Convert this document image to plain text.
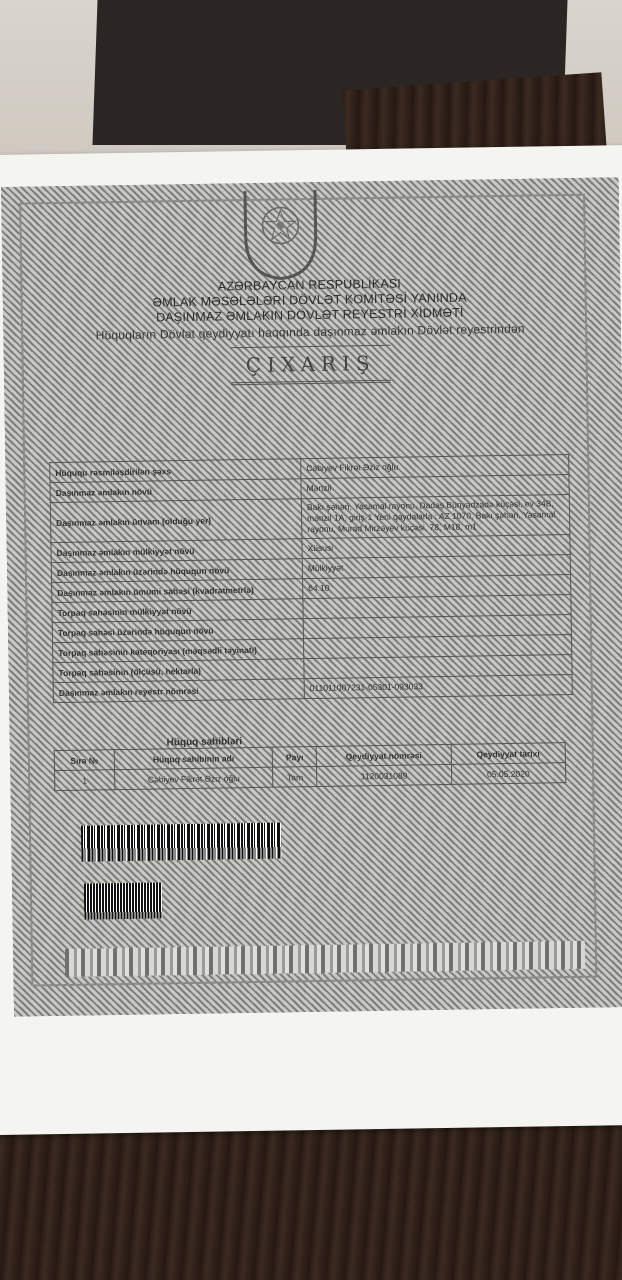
AZƏRBAYCAN RESPUBLİKASI
ƏMLAK MƏSƏLƏLƏRİ DÖVLƏT KOMİTƏSİ YANINDA
DAŞINMAZ ƏMLAKIN DÖVLƏT REYESTRİ XİDMƏTİ
Hüquqların Dövlət qeydiyyatı haqqında daşınmaz əmlakın Dövlət reyestrindən
ÇIXARIŞ
Hüququ rəsmiləşdirilən şəxs	Cəbiyev Fikrət Əziz oğlu
Daşınmaz əmlakın növü	Mənzil
Daşınmaz əmlakın ünvanı (olduğu yer)	Bakı şəhəri, Yasamal rayonu, Dadaş Bünyadzadə küçəsi, ev 34B, mənzil 1A, giriş-1 Yeni qaydalarla : AZ 1070, Bakı şəhəri, Yasamal rayonu, Murad Mirzəyev küçəsi, 78, M18, m1
Daşınmaz əmlakın mülkiyyət növü	Xüsusi
Daşınmaz əmlakın üzərində hüququn növü	Mülkiyyət
Daşınmaz əmlakın ümumi sahəsi (kvadratmetrlə)	64.10
Torpaq sahəsinin mülkiyyət növü	
Torpaq sahəsi üzərində hüququn növü	
Torpaq sahəsinin kateqoriyası (məqsədli təyinatı)	
Torpaq sahəsinin (ölçüsü, hektarla)	
Daşınmaz əmlakın reyestr nömrəsi	011011007231-05301-093033
Hüquq sahibləri
Sıra №	Hüquq sahibinin adı	Payı	Qeydiyyat nömrəsi	Qeydiyyat tarixi
1	Cəbiyev Fikrət Əziz oğlu	Tam	1120031089	05.05.2020
